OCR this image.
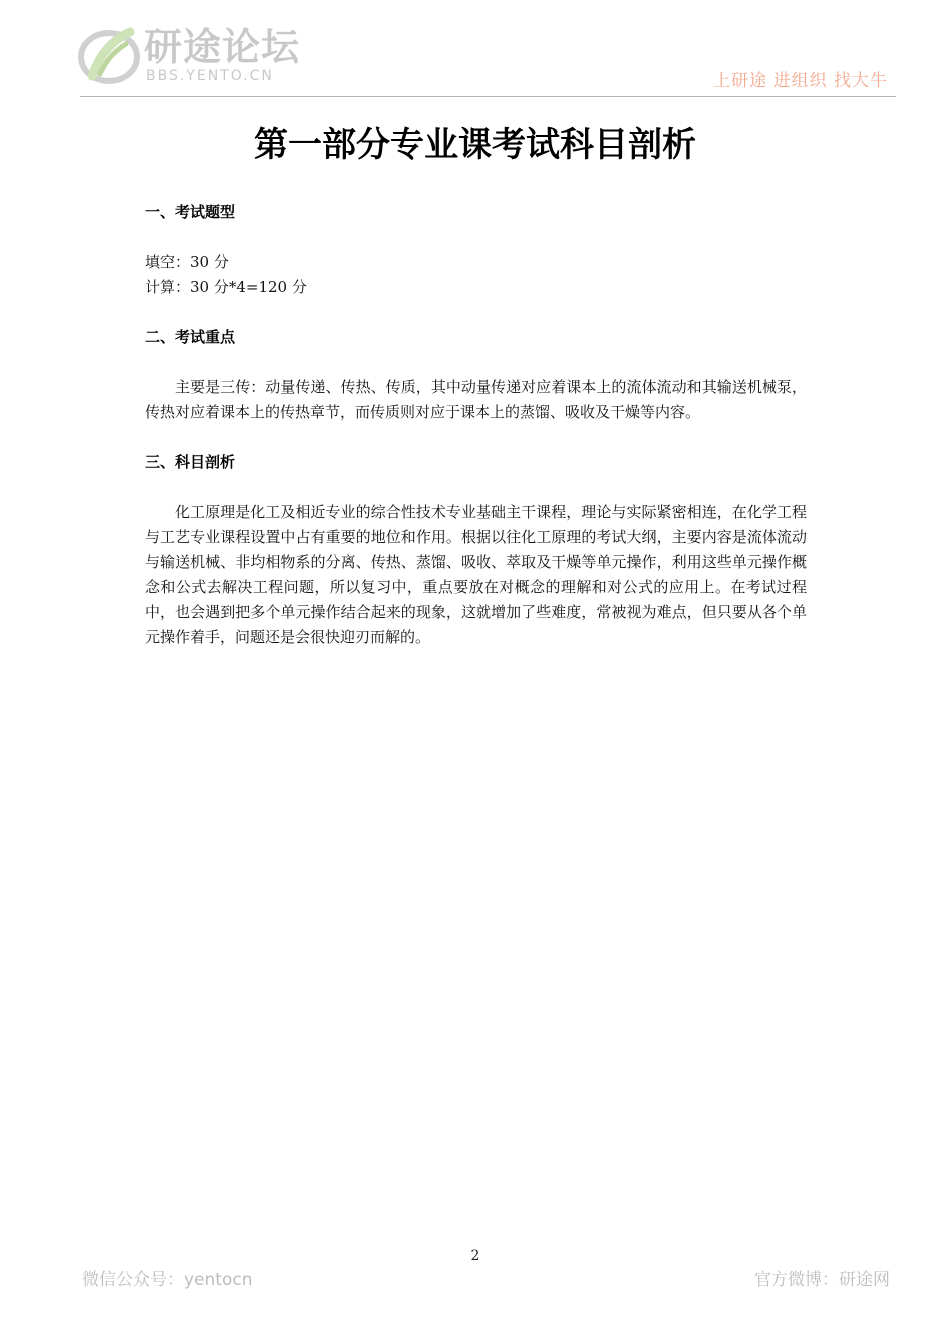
研途论坛
BBS.YENTO.CN	上研途 进组织 找大牛
第一部分专业课考试科目剖析

一、考试题型

填空：30 分

计算：30 分*4=120 分

二、考试重点

主要是三传：动量传递、传热、传质，其中动量传递对应着课本上的流体流动和其输送机械泵，传热对应着课本上的传热章节，而传质则对应于课本上的蒸馏、吸收及干燥等内容。

三、科目剖析

化工原理是化工及相近专业的综合性技术专业基础主干课程，理论与实际紧密相连，在化学工程与工艺专业课程设置中占有重要的地位和作用。根据以往化工原理的考试大纲，主要内容是流体流动与输送机械、非均相物系的分离、传热、蒸馏、吸收、萃取及干燥等单元操作，利用这些单元操作概念和公式去解决工程问题，所以复习中，重点要放在对概念的理解和对公式的应用上。在考试过程中，也会遇到把多个单元操作结合起来的现象，这就增加了些难度，常被视为难点，但只要从各个单元操作着手，问题还是会很快迎刃而解的。

2
微信公众号：yentocn	官方微博：研途网
